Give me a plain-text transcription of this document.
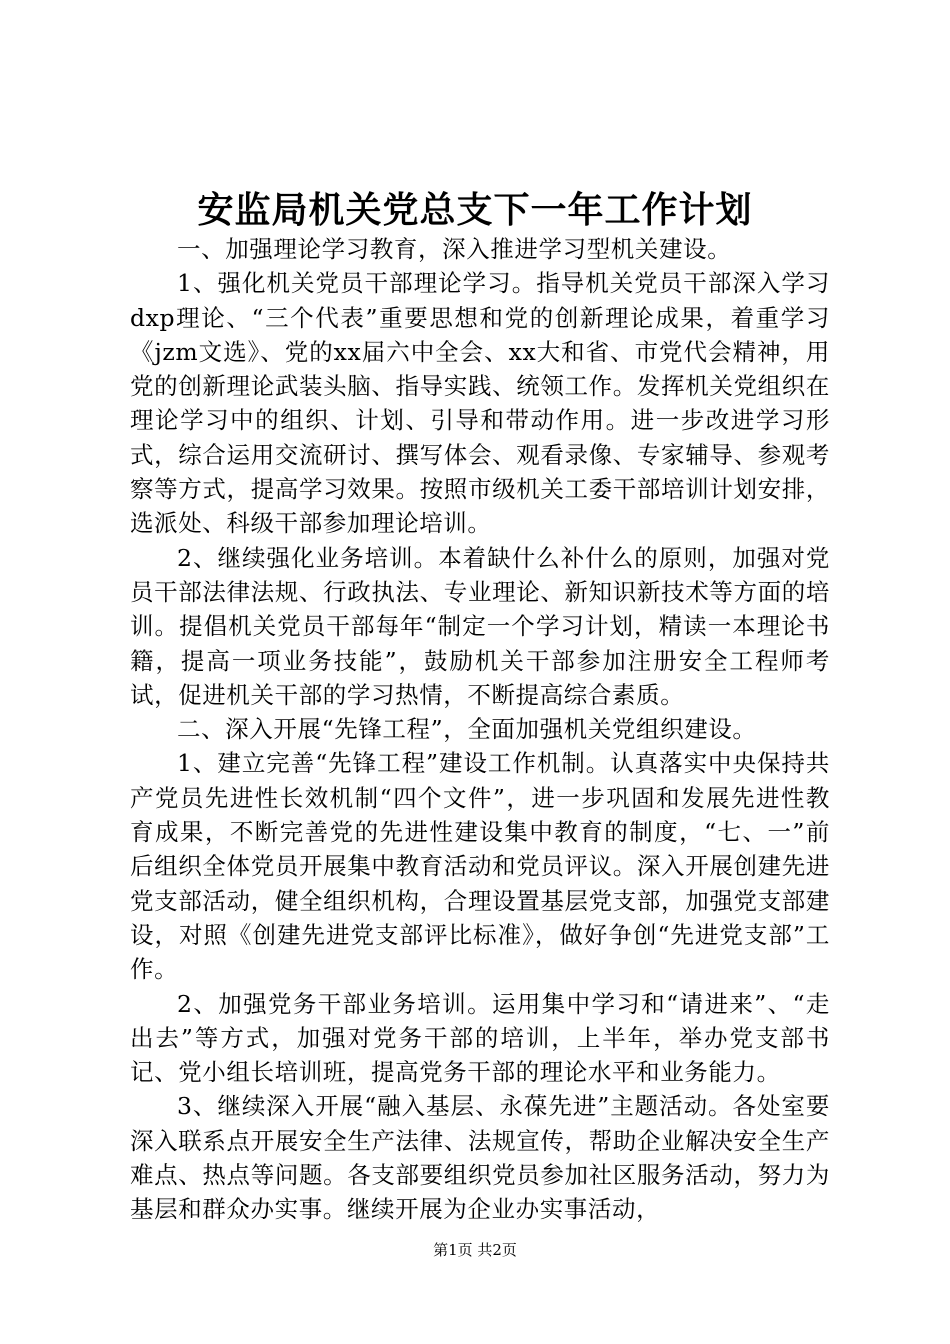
安监局机关党总支下一年工作计划

一、加强理论学习教育，深入推进学习型机关建设。

1、强化机关党员干部理论学习。指导机关党员干部深入学习dxp理论、“三个代表”重要思想和党的创新理论成果，着重学习《jzm文选》、党的xx届六中全会、xx大和省、市党代会精神，用党的创新理论武装头脑、指导实践、统领工作。发挥机关党组织在理论学习中的组织、计划、引导和带动作用。进一步改进学习形式，综合运用交流研讨、撰写体会、观看录像、专家辅导、参观考察等方式，提高学习效果。按照市级机关工委干部培训计划安排，选派处、科级干部参加理论培训。

2、继续强化业务培训。本着缺什么补什么的原则，加强对党员干部法律法规、行政执法、专业理论、新知识新技术等方面的培训。提倡机关党员干部每年“制定一个学习计划，精读一本理论书籍，提高一项业务技能”，鼓励机关干部参加注册安全工程师考试，促进机关干部的学习热情，不断提高综合素质。

二、深入开展“先锋工程”，全面加强机关党组织建设。

1、建立完善“先锋工程”建设工作机制。认真落实中央保持共产党员先进性长效机制“四个文件”，进一步巩固和发展先进性教育成果，不断完善党的先进性建设集中教育的制度，“七、一”前后组织全体党员开展集中教育活动和党员评议。深入开展创建先进党支部活动，健全组织机构，合理设置基层党支部，加强党支部建设，对照《创建先进党支部评比标准》，做好争创“先进党支部”工作。

2、加强党务干部业务培训。运用集中学习和“请进来”、“走出去”等方式，加强对党务干部的培训，上半年，举办党支部书记、党小组长培训班，提高党务干部的理论水平和业务能力。

3、继续深入开展“融入基层、永葆先进”主题活动。各处室要深入联系点开展安全生产法律、法规宣传，帮助企业解决安全生产难点、热点等问题。各支部要组织党员参加社区服务活动，努力为基层和群众办实事。继续开展为企业办实事活动，

第1页 共2页
